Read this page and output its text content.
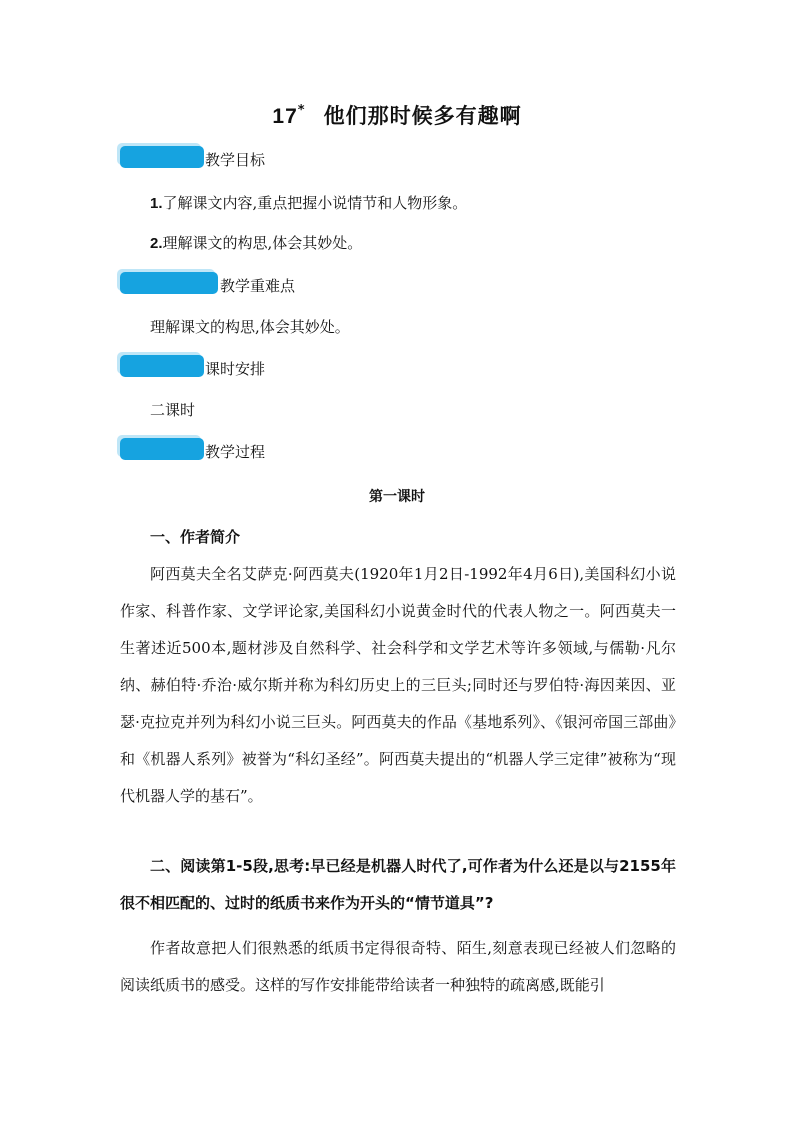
17* 他们那时候多有趣啊
教学目标
1.了解课文内容,重点把握小说情节和人物形象。
2.理解课文的构思,体会其妙处。
教学重难点
理解课文的构思,体会其妙处。
课时安排
二课时
教学过程
第一课时
一、作者简介
阿西莫夫全名艾萨克·阿西莫夫(1920年1月2日-1992年4月6日),美国科幻小说作家、科普作家、文学评论家,美国科幻小说黄金时代的代表人物之一。阿西莫夫一生著述近500本,题材涉及自然科学、社会科学和文学艺术等许多领域,与儒勒·凡尔纳、赫伯特·乔治·威尔斯并称为科幻历史上的三巨头;同时还与罗伯特·海因莱因、亚瑟·克拉克并列为科幻小说三巨头。阿西莫夫的作品《基地系列》、《银河帝国三部曲》和《机器人系列》被誉为“科幻圣经”。阿西莫夫提出的“机器人学三定律”被称为“现代机器人学的基石”。
二、阅读第1-5段,思考:早已经是机器人时代了,可作者为什么还是以与2155年很不相匹配的、过时的纸质书来作为开头的“情节道具”?
作者故意把人们很熟悉的纸质书定得很奇特、陌生,刻意表现已经被人们忽略的阅读纸质书的感受。这样的写作安排能带给读者一种独特的疏离感,既能引
